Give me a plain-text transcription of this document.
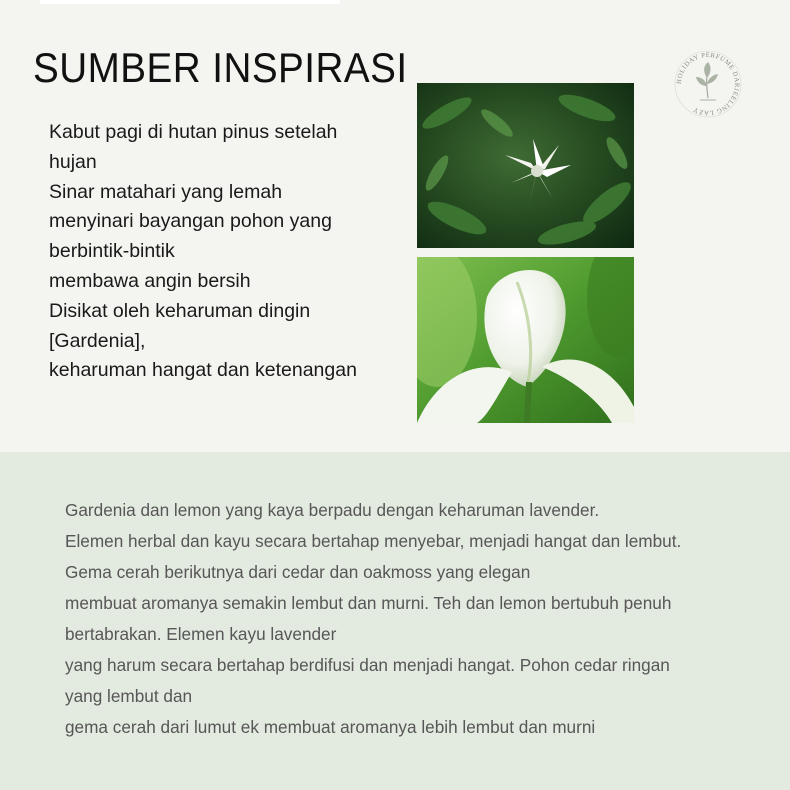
SUMBER INSPIRASI	HOLIDAY PERFUME DARJEELING LAZY
Kabut pagi di hutan pinus setelah
hujan
Sinar matahari yang lemah
menyinari bayangan pohon yang
berbintik-bintik
membawa angin bersih
Disikat oleh keharuman dingin
[Gardenia],
keharuman hangat dan ketenangan
Gardenia dan lemon yang kaya berpadu dengan keharuman lavender.
Elemen herbal dan kayu secara bertahap menyebar, menjadi hangat dan lembut.
Gema cerah berikutnya dari cedar dan oakmoss yang elegan
membuat aromanya semakin lembut dan murni. Teh dan lemon bertubuh penuh
bertabrakan. Elemen kayu lavender
yang harum secara bertahap berdifusi dan menjadi hangat. Pohon cedar ringan
yang lembut dan
gema cerah dari lumut ek membuat aromanya lebih lembut dan murni
